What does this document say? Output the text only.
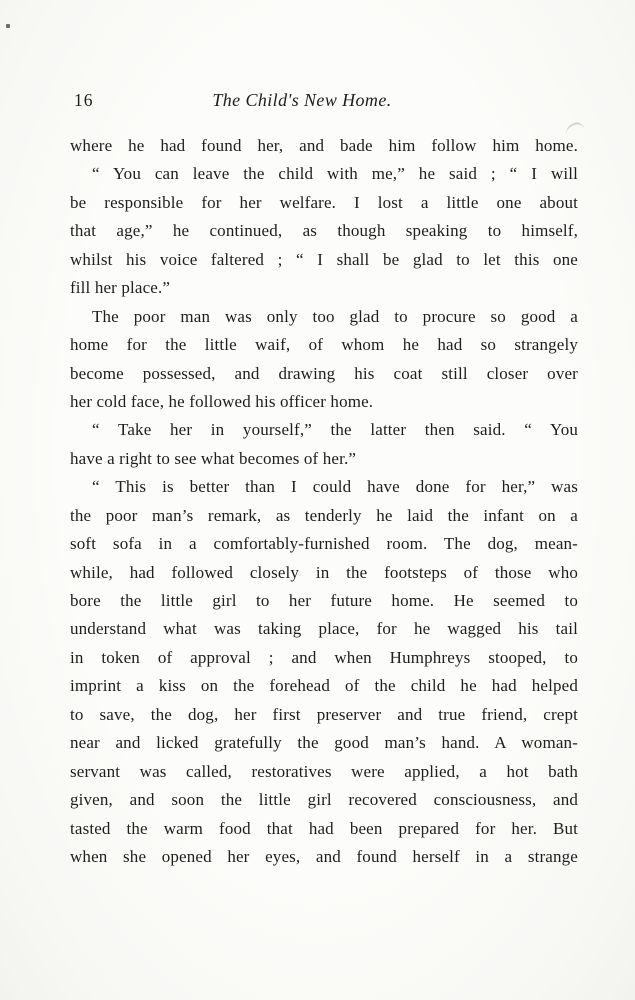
16	The Child's New Home.

where he had found her, and bade him follow him home.

“ You can leave the child with me,” he said ; “ I will
be responsible for her welfare. I lost a little one about
that age,” he continued, as though speaking to himself,
whilst his voice faltered ; “ I shall be glad to let this one
fill her place.”

The poor man was only too glad to procure so good a
home for the little waif, of whom he had so strangely
become possessed, and drawing his coat still closer over
her cold face, he followed his officer home.

“ Take her in yourself,” the latter then said. “ You
have a right to see what becomes of her.”

“ This is better than I could have done for her,” was
the poor man’s remark, as tenderly he laid the infant on a
soft sofa in a comfortably-furnished room. The dog, mean-
while, had followed closely in the footsteps of those who
bore the little girl to her future home. He seemed to
understand what was taking place, for he wagged his tail
in token of approval ; and when Humphreys stooped, to
imprint a kiss on the forehead of the child he had helped
to save, the dog, her first preserver and true friend, crept
near and licked gratefully the good man’s hand. A woman-
servant was called, restoratives were applied, a hot bath
given, and soon the little girl recovered consciousness, and
tasted the warm food that had been prepared for her. But
when she opened her eyes, and found herself in a strange
